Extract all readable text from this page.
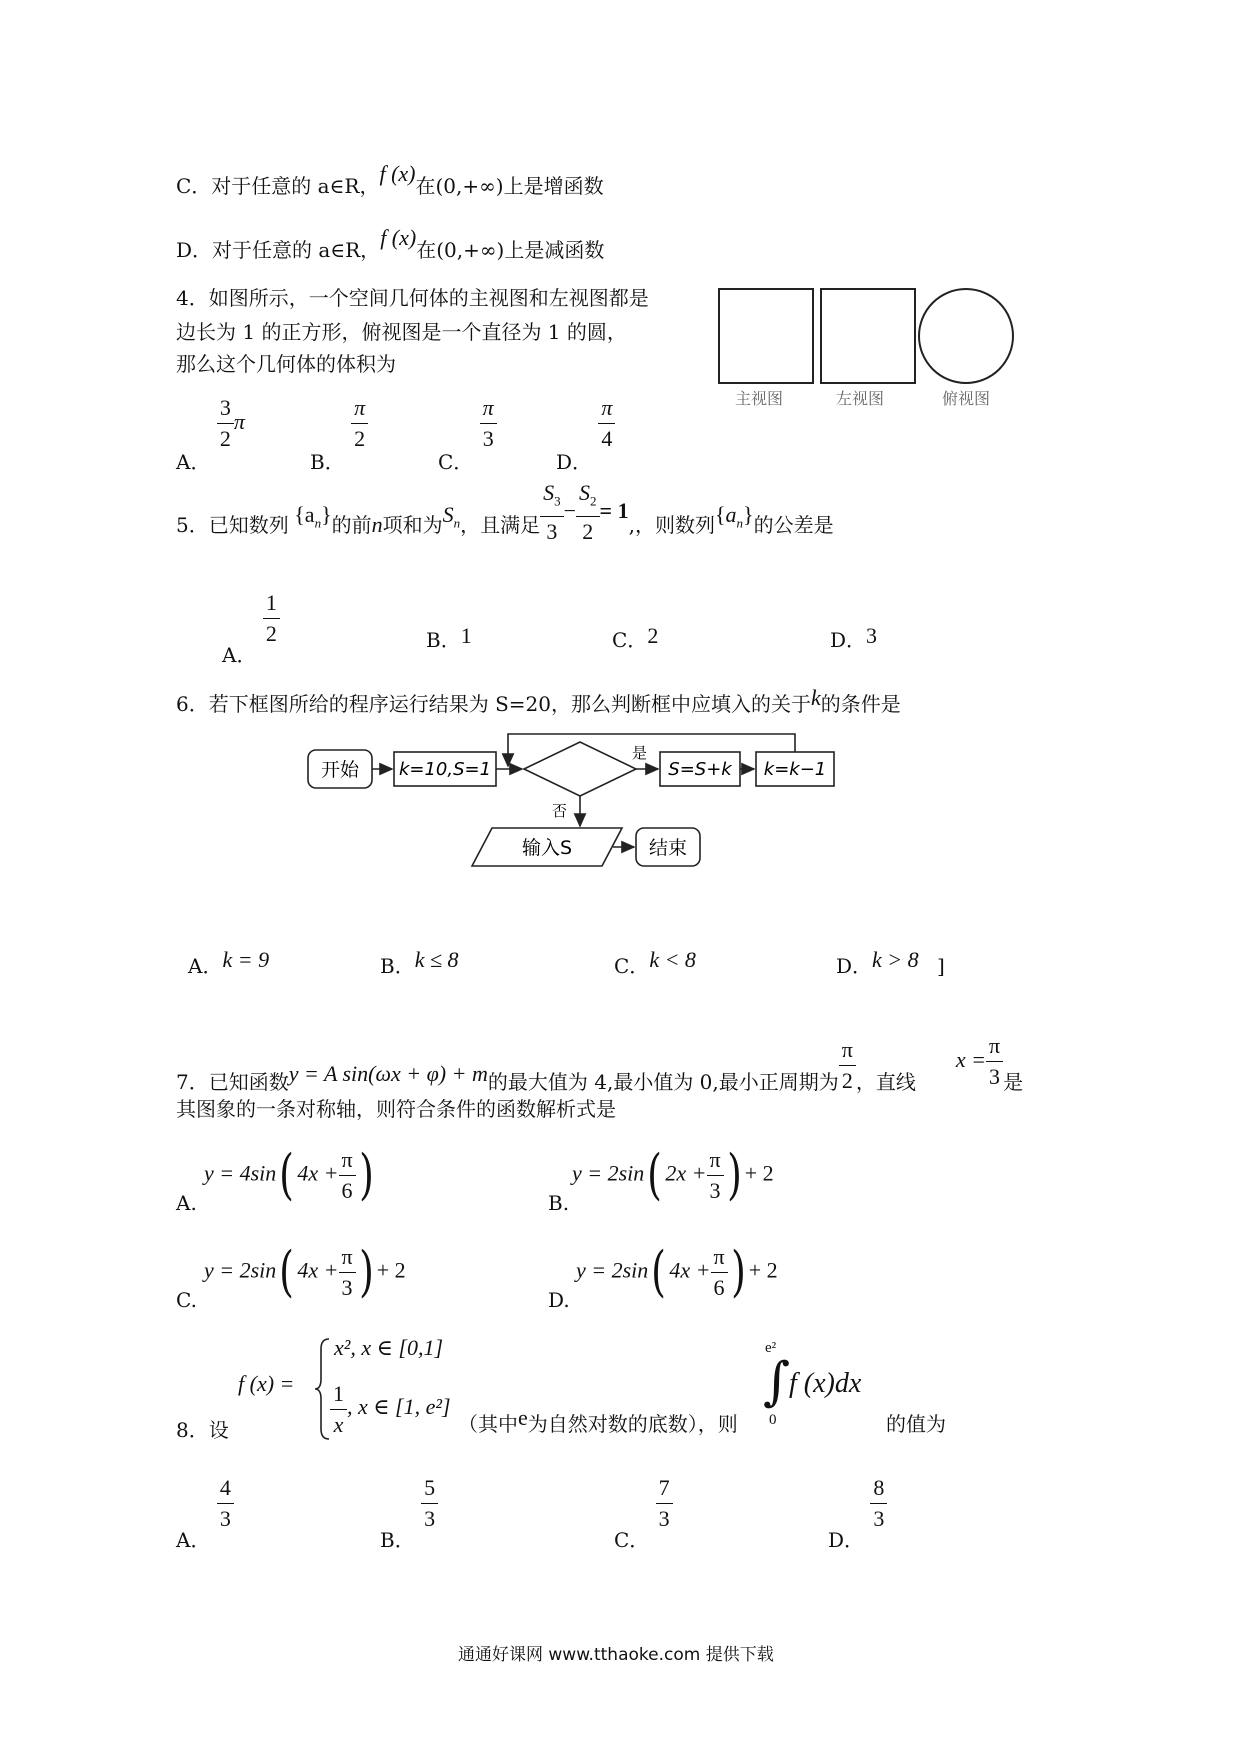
C．对于任意的 a∈R，f (x)在(0,+∞)上是增函数
D．对于任意的 a∈R，f (x)在(0,+∞)上是减函数
4．如图所示，一个空间几何体的主视图和左视图都是
边长为 1 的正方形，俯视图是一个直径为 1 的圆，
那么这个几何体的体积为
主视图	左视图	俯视图
A．
$\frac{3}{2}$ π
B．
$\frac{\pi}{2}$
C．
$\frac{\pi}{3}$
D．
$\frac{\pi}{4}$
5．已知数列 $\{a_n\}$的前n项和为$S_n$，且满足 $\frac{S_3}{3} - \frac{S_2}{2} = 1$,，则数列$\{a_n\}$的公差是
A．
$\frac{1}{2}$	B．1	C．2	D．3
6．若下框图所给的程序运行结果为 S=20，那么判断框中应填入的关于k的条件是
开始 k=10,S=1
是
S=S+k k=k−1
否
输入S	结束
A．k = 9	B．k ≤ 8	C．k < 8	D．k > 8 ]
7．已知函数y = A sin(ωx + φ) + m的最大值为 4,最小值为 0,最小正周期为 $\frac{\pi}{2}$ ，直线$x = \frac{\pi}{3}$ 是
其图象的一条对称轴，则符合条件的函数解析式是
A.
y = 4sin( $4x + \frac{\pi}{6}$ )	B.
y = 2sin( $2x + \frac{\pi}{3}$ ) + 2
C.
y = 2sin( $4x + \frac{\pi}{3}$ ) + 2
D.
y = 2sin( $4x + \frac{\pi}{6}$ ) + 2
8．设
f (x) =
x², x ∈ [0,1]
$\frac{1}{x}$ , x ∈ [1, e²]
（其中e为自然对数的底数），则
e²
∫
0
f (x)dx
的值为
A．
$\frac{4}{3}$
B．
$\frac{5}{3}$
C．
$\frac{7}{3}$
D．
$\frac{8}{3}$
通通好课网 www.tthaoke.com 提供下载
